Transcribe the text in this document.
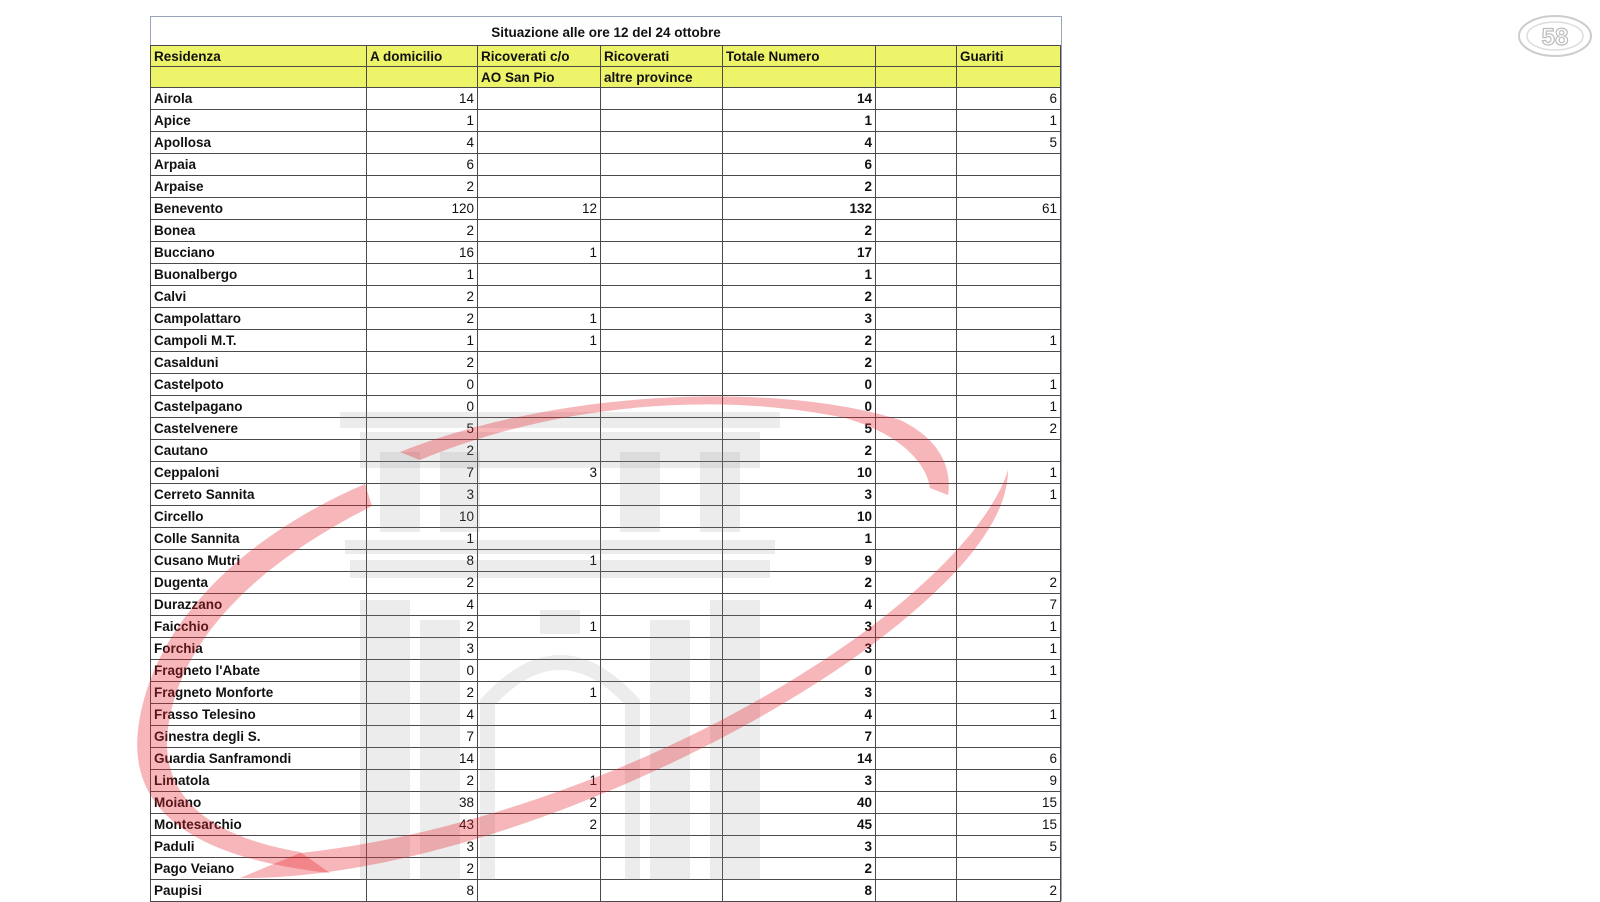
Situazione alle ore 12 del 24 ottobre
Residenza	A domicilio	Ricoverati c/o	Ricoverati	Totale Numero		Guariti
		AO San Pio	altre province			
Airola	14			14		6
Apice	1			1		1
Apollosa	4			4		5
Arpaia	6			6		
Arpaise	2			2		
Benevento	120	12		132		61
Bonea	2			2		
Bucciano	16	1		17		
Buonalbergo	1			1		
Calvi	2			2		
Campolattaro	2	1		3		
Campoli M.T.	1	1		2		1
Casalduni	2			2		
Castelpoto	0			0		1
Castelpagano	0			0		1
Castelvenere	5			5		2
Cautano	2			2		
Ceppaloni	7	3		10		1
Cerreto Sannita	3			3		1
Circello	10			10		
Colle Sannita	1			1		
Cusano Mutri	8	1		9		
Dugenta	2			2		2
Durazzano	4			4		7
Faicchio	2	1		3		1
Forchia	3			3		1
Fragneto l'Abate	0			0		1
Fragneto Monforte	2	1		3		
Frasso Telesino	4			4		1
Ginestra degli S.	7			7		
Guardia Sanframondi	14			14		6
Limatola	2	1		3		9
Moiano	38	2		40		15
Montesarchio	43	2		45		15
Paduli	3			3		5
Pago Veiano	2			2		
Paupisi	8			8		2
58
